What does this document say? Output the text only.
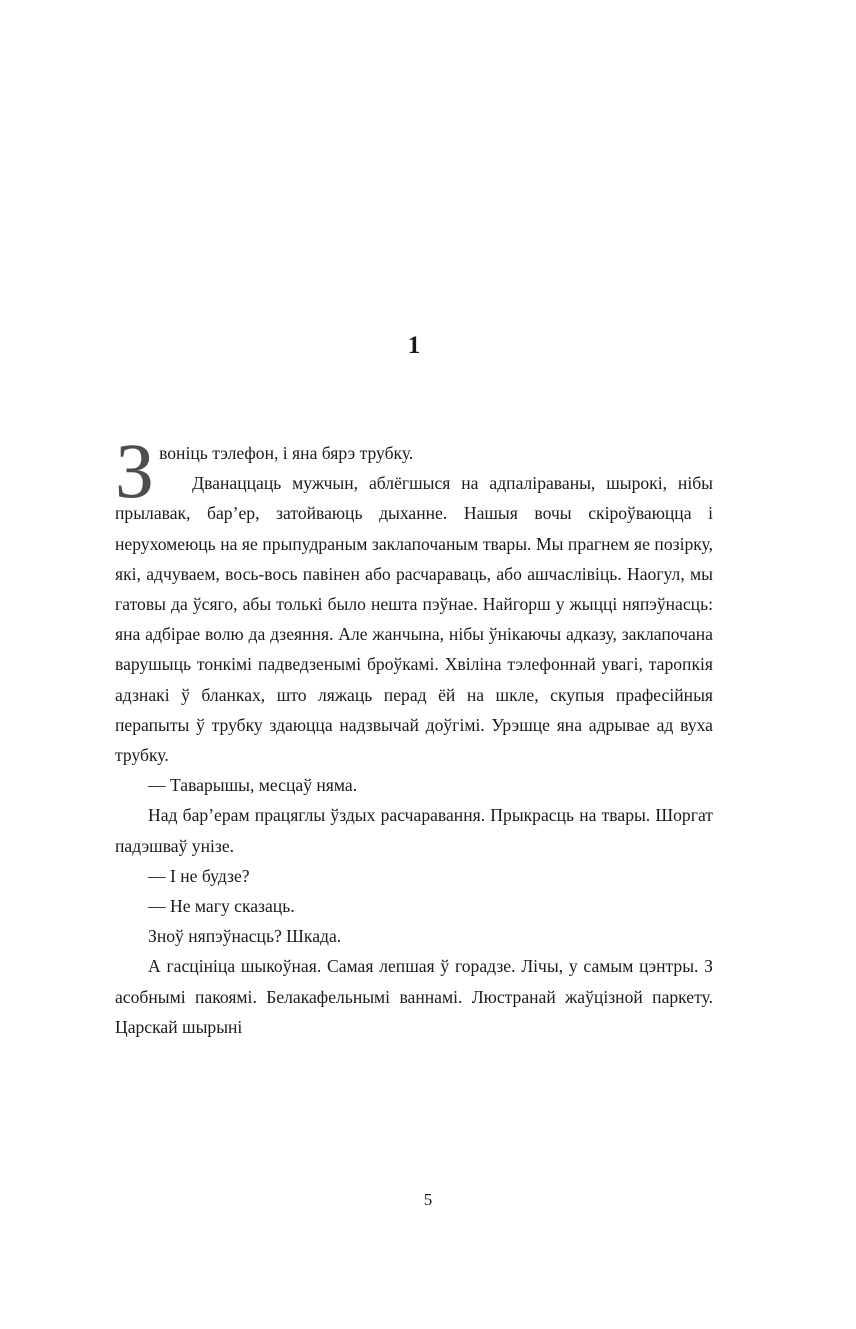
1

Звоніць тэлефон, і яна бярэ трубку.

Дванаццаць мужчын, аблёгшыся на адпаліраваны, шырокі, нібы прылавак, бар’ер, затойваюць дыханне. Нашыя вочы скіроўваюцца і нерухомеюць на яе прыпудраным заклапочаным твары. Мы прагнем яе позірку, які, адчуваем, вось-вось павінен або расчараваць, або ашчаслівіць. Наогул, мы гатовы да ўсяго, абы толькі было нешта пэўнае. Найгорш у жыцці няпэўнасць: яна адбірае волю да дзеяння. Але жанчына, нібы ўнікаючы адказу, заклапочана варушыць тонкімі падведзенымі броўкамі. Хвіліна тэлефоннай увагі, таропкія адзнакі ў бланках, што ляжаць перад ёй на шкле, скупыя прафесійныя перапыты ў трубку здаюцца надзвычай доўгімі. Урэшце яна адрывае ад вуха трубку.

— Таварышы, месцаў няма.

Над бар’ерам працяглы ўздых расчаравання. Прыкрасць на твары. Шоргат падэшваў унізе.

— І не будзе?

— Не магу сказаць.

Зноў няпэўнасць? Шкада.

А гасцініца шыкоўная. Самая лепшая ў горадзе. Лічы, у самым цэнтры. З асобнымі пакоямі. Белакафельнымі ваннамі. Люстранай жаўцізной паркету. Царскай шырыні

5
